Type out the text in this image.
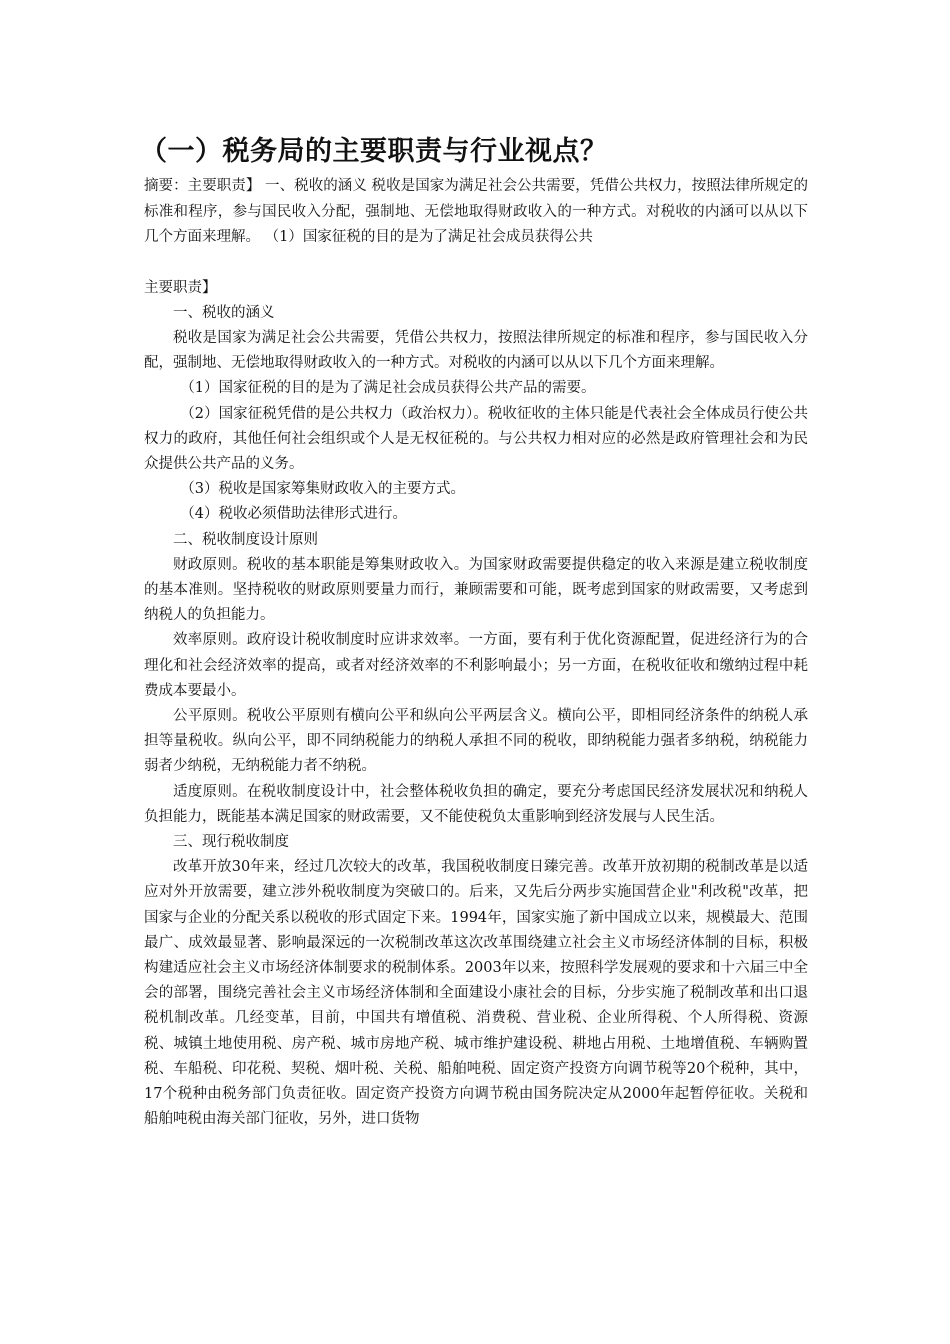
（一）税务局的主要职责与行业视点？

摘要：主要职责】 一、税收的涵义 税收是国家为满足社会公共需要，凭借公共权力，按照法律所规定的标准和程序，参与国民收入分配，强制地、无偿地取得财政收入的一种方式。对税收的内涵可以从以下几个方面来理解。 （1）国家征税的目的是为了满足社会成员获得公共

主要职责】

一、税收的涵义

税收是国家为满足社会公共需要，凭借公共权力，按照法律所规定的标准和程序，参与国民收入分配，强制地、无偿地取得财政收入的一种方式。对税收的内涵可以从以下几个方面来理解。

（1）国家征税的目的是为了满足社会成员获得公共产品的需要。

（2）国家征税凭借的是公共权力（政治权力）。税收征收的主体只能是代表社会全体成员行使公共权力的政府，其他任何社会组织或个人是无权征税的。与公共权力相对应的必然是政府管理社会和为民众提供公共产品的义务。

（3）税收是国家筹集财政收入的主要方式。

（4）税收必须借助法律形式进行。

二、税收制度设计原则

财政原则。税收的基本职能是筹集财政收入。为国家财政需要提供稳定的收入来源是建立税收制度的基本准则。坚持税收的财政原则要量力而行，兼顾需要和可能，既考虑到国家的财政需要，又考虑到纳税人的负担能力。

效率原则。政府设计税收制度时应讲求效率。一方面，要有利于优化资源配置，促进经济行为的合理化和社会经济效率的提高，或者对经济效率的不利影响最小；另一方面，在税收征收和缴纳过程中耗费成本要最小。

公平原则。税收公平原则有横向公平和纵向公平两层含义。横向公平，即相同经济条件的纳税人承担等量税收。纵向公平，即不同纳税能力的纳税人承担不同的税收，即纳税能力强者多纳税，纳税能力弱者少纳税，无纳税能力者不纳税。

适度原则。在税收制度设计中，社会整体税收负担的确定，要充分考虑国民经济发展状况和纳税人负担能力，既能基本满足国家的财政需要，又不能使税负太重影响到经济发展与人民生活。

三、现行税收制度

改革开放30年来，经过几次较大的改革，我国税收制度日臻完善。改革开放初期的税制改革是以适应对外开放需要，建立涉外税收制度为突破口的。后来，又先后分两步实施国营企业"利改税"改革，把国家与企业的分配关系以税收的形式固定下来。1994年，国家实施了新中国成立以来，规模最大、范围最广、成效最显著、影响最深远的一次税制改革这次改革围绕建立社会主义市场经济体制的目标，积极构建适应社会主义市场经济体制要求的税制体系。2003年以来，按照科学发展观的要求和十六届三中全会的部署，围绕完善社会主义市场经济体制和全面建设小康社会的目标，分步实施了税制改革和出口退税机制改革。几经变革，目前，中国共有增值税、消费税、营业税、企业所得税、个人所得税、资源税、城镇土地使用税、房产税、城市房地产税、城市维护建设税、耕地占用税、土地增值税、车辆购置税、车船税、印花税、契税、烟叶税、关税、船舶吨税、固定资产投资方向调节税等20个税种，其中，17个税种由税务部门负责征收。固定资产投资方向调节税由国务院决定从2000年起暂停征收。关税和船舶吨税由海关部门征收，另外，进口货物
